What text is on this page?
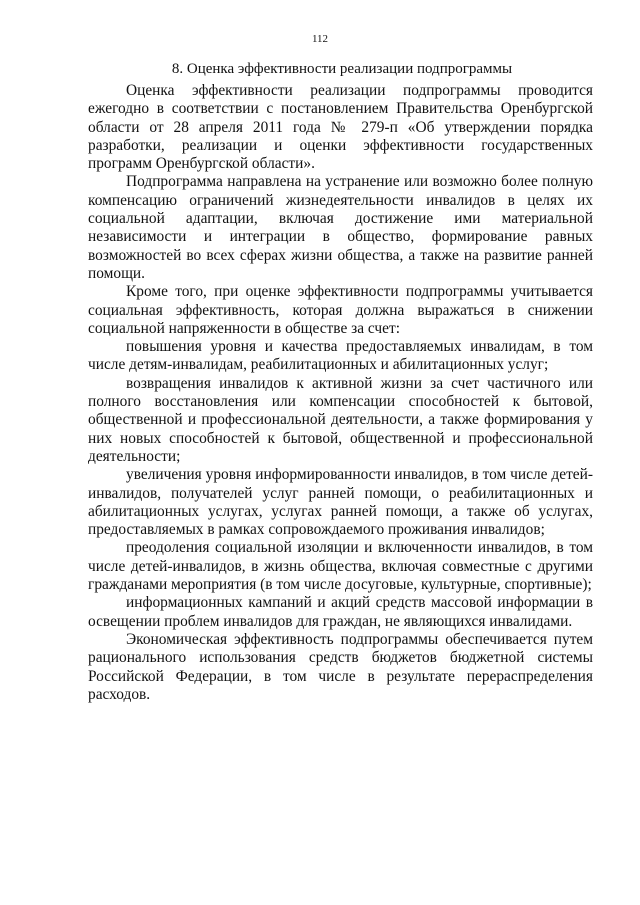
112
8. Оценка эффективности реализации подпрограммы

Оценка эффективности реализации подпрограммы проводится ежегодно в соответствии с постановлением Правительства Оренбургской области от 28 апреля 2011 года № 279-п «Об утверждении порядка разработки, реализации и оценки эффективности государственных программ Оренбургской области».

Подпрограмма направлена на устранение или возможно более полную компенсацию ограничений жизнедеятельности инвалидов в целях их социальной адаптации, включая достижение ими материальной независимости и интеграции в общество, формирование равных возможностей во всех сферах жизни общества, а также на развитие ранней помощи.

Кроме того, при оценке эффективности подпрограммы учитывается социальная эффективность, которая должна выражаться в снижении социальной напряженности в обществе за счет:

повышения уровня и качества предоставляемых инвалидам, в том числе детям-инвалидам, реабилитационных и абилитационных услуг;

возвращения инвалидов к активной жизни за счет частичного или полного восстановления или компенсации способностей к бытовой, общественной и профессиональной деятельности, а также формирования у них новых способностей к бытовой, общественной и профессиональной деятельности;

увеличения уровня информированности инвалидов, в том числе детей-инвалидов, получателей услуг ранней помощи, о реабилитационных и абилитационных услугах, услугах ранней помощи, а также об услугах, предоставляемых в рамках сопровождаемого проживания инвалидов;

преодоления социальной изоляции и включенности инвалидов, в том числе детей-инвалидов, в жизнь общества, включая совместные с другими гражданами мероприятия (в том числе досуговые, культурные, спортивные);

информационных кампаний и акций средств массовой информации в освещении проблем инвалидов для граждан, не являющихся инвалидами.

Экономическая эффективность подпрограммы обеспечивается путем рационального использования средств бюджетов бюджетной системы Российской Федерации, в том числе в результате перераспределения расходов.
